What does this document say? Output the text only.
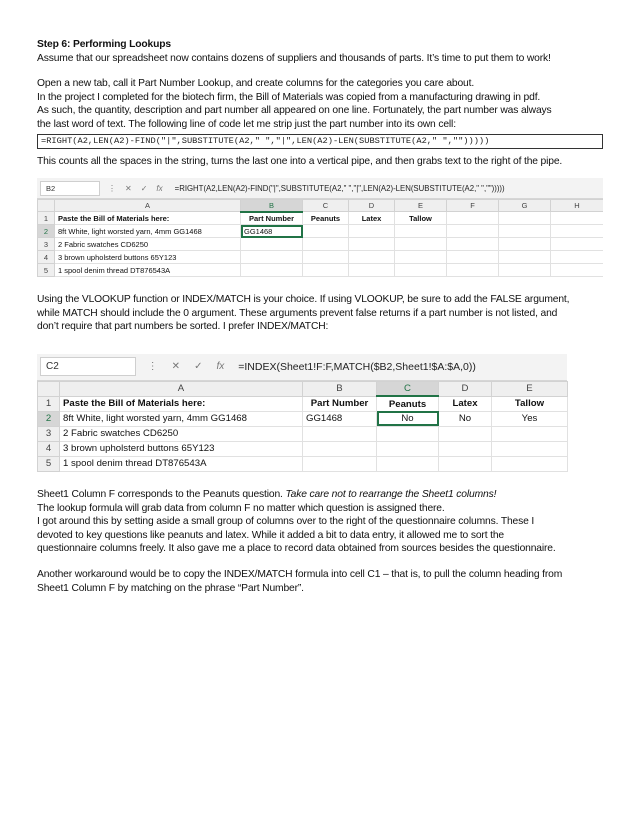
Step 6: Performing Lookups
Assume that our spreadsheet now contains dozens of suppliers and thousands of parts. It’s time to put them to work!
Open a new tab, call it Part Number Lookup, and create columns for the categories you care about.
In the project I completed for the biotech firm, the Bill of Materials was copied from a manufacturing drawing in pdf.
As such, the quantity, description and part number all appeared on one line. Fortunately, the part number was always
the last word of text. The following line of code let me strip just the part number into its own cell:
=RIGHT(A2,LEN(A2)-FIND("|",SUBSTITUTE(A2," ","|",LEN(A2)-LEN(SUBSTITUTE(A2," ","")))))
This counts all the spaces in the string, turns the last one into a vertical pipe, and then grabs text to the right of the pipe.
B2	⋮ ✕ ✓ fx =RIGHT(A2,LEN(A2)-FIND("|",SUBSTITUTE(A2," ","|",LEN(A2)-LEN(SUBSTITUTE(A2," ","")))))
	A	B	C	D	E	F	G	H
1	Paste the Bill of Materials here:	Part Number	Peanuts	Latex	Tallow			
2	8ft White, light worsted yarn, 4mm GG1468	GG1468						
3	2 Fabric swatches CD6250							
4	3 brown upholsterd buttons 65Y123							
5	1 spool denim thread DT876543A							
Using the VLOOKUP function or INDEX/MATCH is your choice. If using VLOOKUP, be sure to add the FALSE argument,
while MATCH should include the 0 argument. These arguments prevent false returns if a part number is not listed, and
don’t require that part numbers be sorted. I prefer INDEX/MATCH:
C2	⋮ ✕ ✓ fx =INDEX(Sheet1!F:F,MATCH($B2,Sheet1!$A:$A,0))
	A	B	C	D	E
1	Paste the Bill of Materials here:	Part Number	Peanuts	Latex	Tallow
2	8ft White, light worsted yarn, 4mm GG1468	GG1468	No	No	Yes
3	2 Fabric swatches CD6250				
4	3 brown upholsterd buttons 65Y123				
5	1 spool denim thread DT876543A				
Sheet1 Column F corresponds to the Peanuts question. Take care not to rearrange the Sheet1 columns!
The lookup formula will grab data from column F no matter which question is assigned there.
I got around this by setting aside a small group of columns over to the right of the questionnaire columns. These I
devoted to key questions like peanuts and latex. While it added a bit to data entry, it allowed me to sort the
questionnaire columns freely. It also gave me a place to record data obtained from sources besides the questionnaire.
Another workaround would be to copy the INDEX/MATCH formula into cell C1 – that is, to pull the column heading from
Sheet1 Column F by matching on the phrase “Part Number”.
